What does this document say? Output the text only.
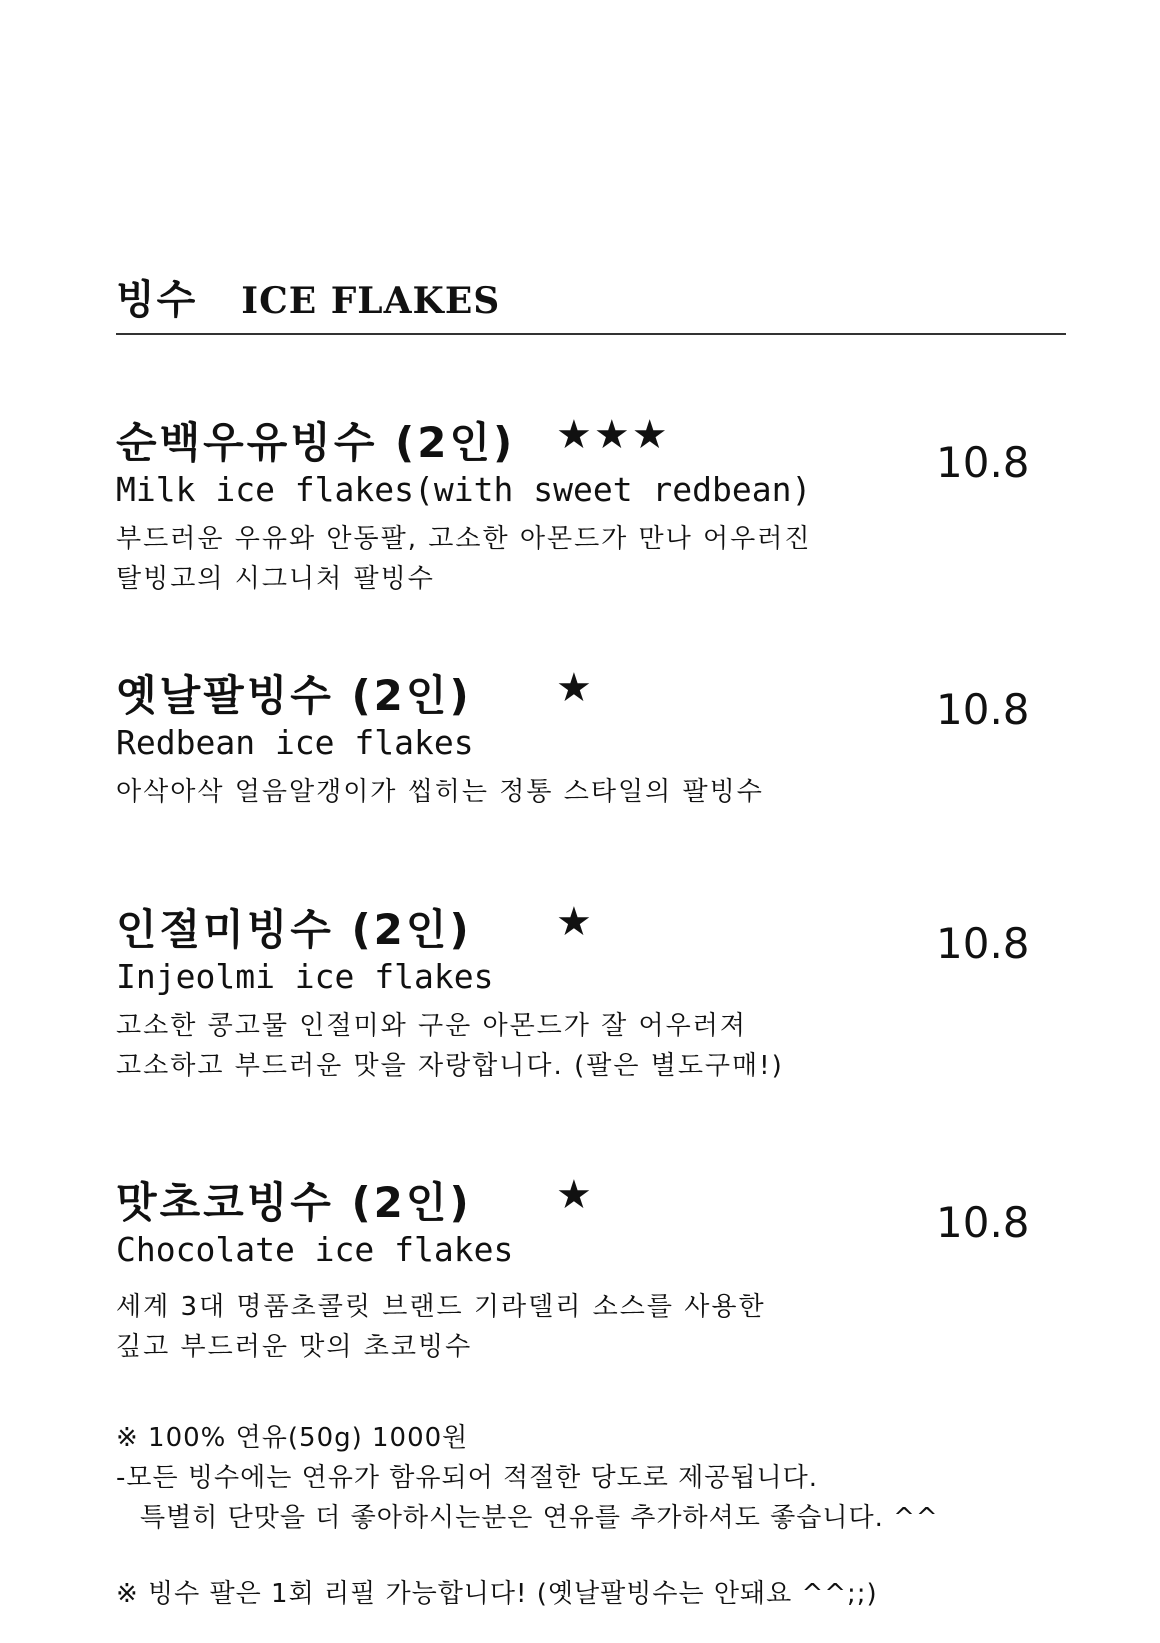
빙수 ICE FLAKES
순백우유빙수 (2인) ★★★
10.8
Milk ice flakes(with sweet redbean)
부드러운 우유와 안동팔, 고소한 아몬드가 만나 어우러진
탈빙고의 시그니처 팔빙수
옛날팔빙수 (2인) ★	10.8
Redbean ice flakes
아삭아삭 얼음알갱이가 씹히는 정통 스타일의 팔빙수
인절미빙수 (2인) ★	10.8
Injeolmi ice flakes
고소한 콩고물 인절미와 구운 아몬드가 잘 어우러져
고소하고 부드러운 맛을 자랑합니다. (팔은 별도구매!)
맛초코빙수 (2인) ★
10.8
Chocolate ice flakes
세계 3대 명품초콜릿 브랜드 기라델리 소스를 사용한
깊고 부드러운 맛의 초코빙수
※ 100% 연유(50g) 1000원
-모든 빙수에는 연유가 함유되어 적절한 당도로 제공됩니다.
특별히 단맛을 더 좋아하시는분은 연유를 추가하셔도 좋습니다. ^^
※ 빙수 팔은 1회 리필 가능합니다! (옛날팔빙수는 안돼요 ^^;;)
